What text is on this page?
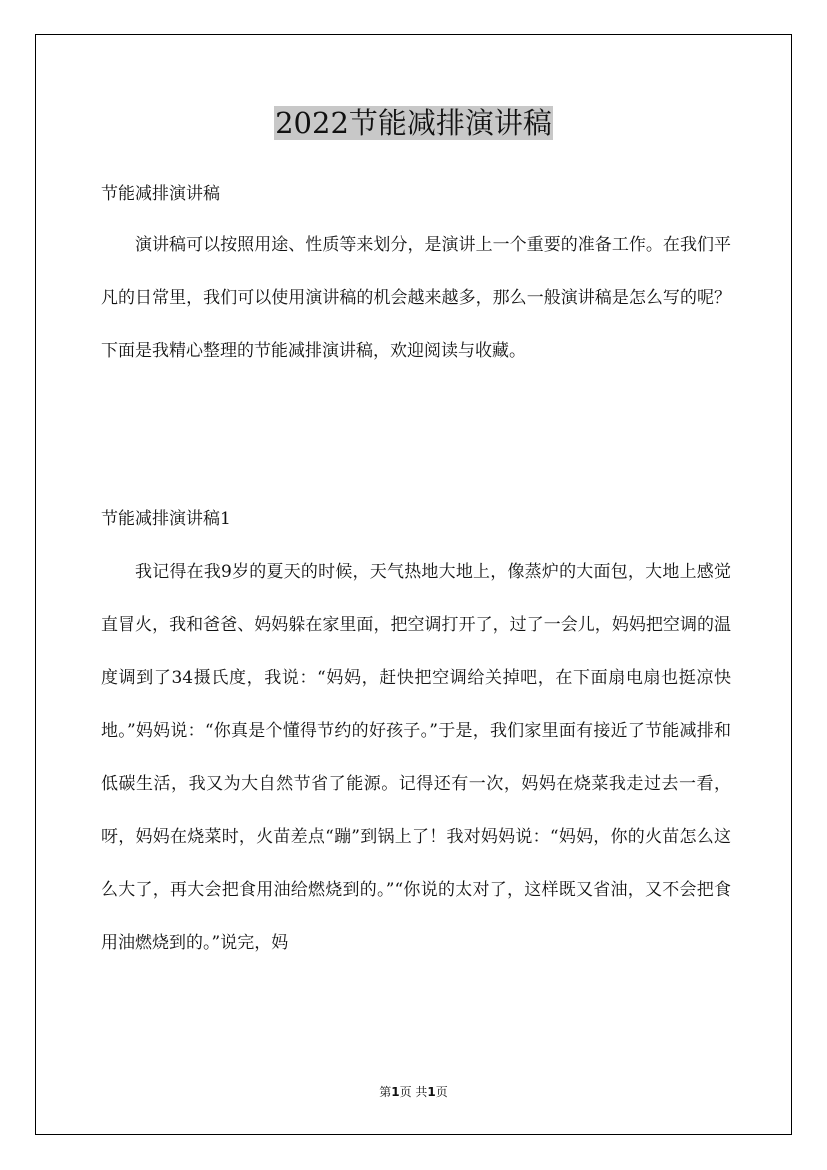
2022节能减排演讲稿
节能减排演讲稿

演讲稿可以按照用途、性质等来划分，是演讲上一个重要的准备工作。在我们平凡的日常里，我们可以使用演讲稿的机会越来越多，那么一般演讲稿是怎么写的呢？下面是我精心整理的节能减排演讲稿，欢迎阅读与收藏。

节能减排演讲稿1

我记得在我9岁的夏天的时候，天气热地大地上，像蒸炉的大面包，大地上感觉直冒火，我和爸爸、妈妈躲在家里面，把空调打开了，过了一会儿，妈妈把空调的温度调到了34摄氏度，我说：“妈妈，赶快把空调给关掉吧，在下面扇电扇也挺凉快地。”妈妈说：“你真是个懂得节约的好孩子。”于是，我们家里面有接近了节能减排和低碳生活，我又为大自然节省了能源。记得还有一次，妈妈在烧菜我走过去一看，呀，妈妈在烧菜时，火苗差点“蹦”到锅上了！我对妈妈说：“妈妈，你的火苗怎么这么大了，再大会把食用油给燃烧到的。”“你说的太对了，这样既又省油，又不会把食用油燃烧到的。”说完，妈

第1页 共1页
